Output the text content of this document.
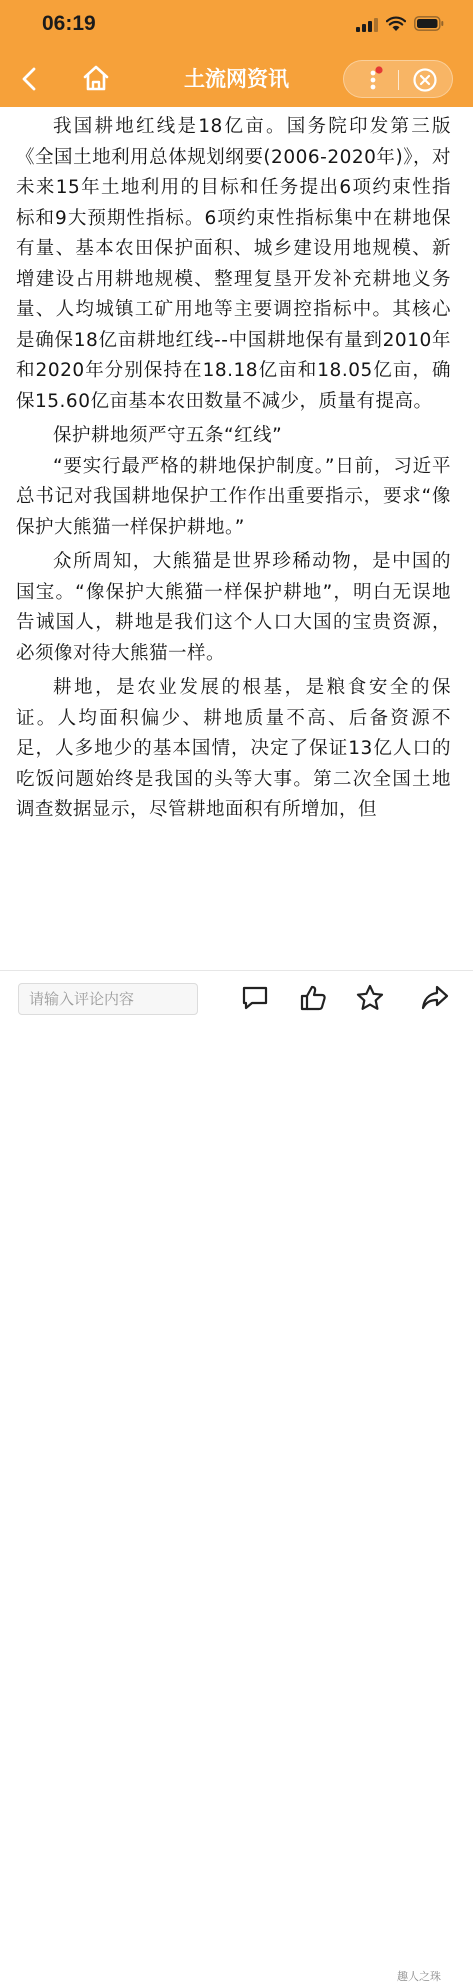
06:19
土流网资讯

我国耕地红线是18亿亩。国务院印发第三版《全国土地利用总体规划纲要(2006-2020年)》，对未来15年土地利用的目标和任务提出6项约束性指标和9大预期性指标。6项约束性指标集中在耕地保有量、基本农田保护面积、城乡建设用地规模、新增建设占用耕地规模、整理复垦开发补充耕地义务量、人均城镇工矿用地等主要调控指标中。其核心是确保18亿亩耕地红线--中国耕地保有量到2010年和2020年分别保持在18.18亿亩和18.05亿亩，确保15.60亿亩基本农田数量不减少，质量有提高。

保护耕地须严守五条“红线”

“要实行最严格的耕地保护制度。”日前，习近平总书记对我国耕地保护工作作出重要指示，要求“像保护大熊猫一样保护耕地。”

众所周知，大熊猫是世界珍稀动物，是中国的国宝。“像保护大熊猫一样保护耕地”，明白无误地告诫国人，耕地是我们这个人口大国的宝贵资源，必须像对待大熊猫一样。

耕地，是农业发展的根基，是粮食安全的保证。人均面积偏少、耕地质量不高、后备资源不足，人多地少的基本国情，决定了保证13亿人口的吃饭问题始终是我国的头等大事。第二次全国土地调查数据显示，尽管耕地面积有所增加，但

请输入评论内容
趣人之珠
